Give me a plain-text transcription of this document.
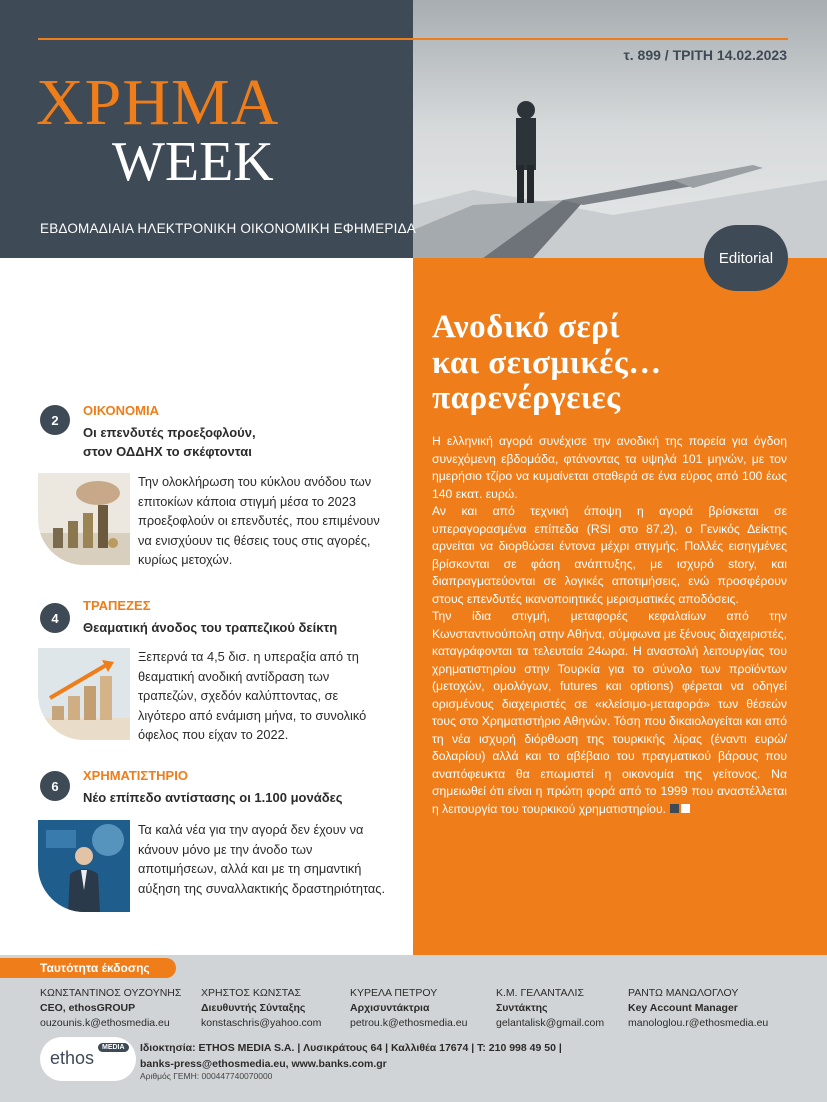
ΧΡΗΜΑ
WEEK
ΕΒΔΟΜΑΔΙΑΙΑ ΗΛΕΚΤΡΟΝΙΚΗ ΟΙΚΟΝΟΜΙΚΗ ΕΦΗΜΕΡΙΔΑ
τ. 899 / ΤΡΙΤΗ 14.02.2023
Editorial
Ανοδικό σερί
και σεισμικές…
παρενέργειες

Η ελληνική αγορά συνέχισε την ανοδική της πορεία για όγδοη συνεχόμενη εβδομάδα, φτάνοντας τα υψηλά 101 μηνών, με τον ημερήσιο τζίρο να κυμαίνεται σταθερά σε ένα εύρος από 100 έως 140 εκατ. ευρώ.

Αν και από τεχνική άποψη η αγορά βρίσκεται σε υπεραγορασμένα επίπεδα (RSI στο 87,2), ο Γενικός Δείκτης αρνείται να διορθώσει έντονα μέχρι στιγμής. Πολλές εισηγμένες βρίσκονται σε φάση ανάπτυξης, με ισχυρό story, και διαπραγματεύονται σε λογικές αποτιμήσεις, ενώ προσφέρουν στους επενδυτές ικανοποιητικές μερισματικές αποδόσεις.

Την ίδια στιγμή, μεταφορές κεφαλαίων από την Κωνσταντινούπολη στην Αθήνα, σύμφωνα με ξένους διαχειριστές, καταγράφονται τα τελευταία 24ωρα. Η αναστολή λειτουργίας του χρηματιστηρίου στην Τουρκία για το σύνολο των προϊόντων (μετοχών, ομολόγων, futures και options) φέρεται να οδηγεί ορισμένους διαχειριστές σε «κλείσιμο-μεταφορά» των θέσεών τους στο Χρηματιστήριο Αθηνών. Τόση που δικαιολογείται και από τη νέα ισχυρή διόρθωση της τουρκικής λίρας (έναντι ευρώ/δολαρίου) αλλά και το αβέβαιο του πραγματικού βάρους που αναπόφευκτα θα επωμιστεί η οικονομία της γείτονος. Να σημειωθεί ότι είναι η πρώτη φορά από το 1999 που αναστέλλεται η λειτουργία του τουρκικού χρηματιστηρίου.

2
ΟΙΚΟΝΟΜΙΑ
Οι επενδυτές προεξοφλούν,
στον ΟΔΔΗΧ το σκέφτονται
Την ολοκλήρωση του κύκλου ανόδου των επιτοκίων κάποια στιγμή μέσα το 2023 προεξοφλούν οι επενδυτές, που επιμένουν να ενισχύουν τις θέσεις τους στις αγορές, κυρίως μετοχών.
4
ΤΡΑΠΕΖΕΣ
Θεαματική άνοδος του τραπεζικού δείκτη
Ξεπερνά τα 4,5 δισ. η υπεραξία από τη θεαματική ανοδική αντίδραση των τραπεζών, σχεδόν καλύπτοντας, σε λιγότερο από ενάμιση μήνα, το συνολικό όφελος που είχαν το 2022.
6
ΧΡΗΜΑΤΙΣΤΗΡΙΟ
Νέο επίπεδο αντίστασης οι 1.100 μονάδες
Τα καλά νέα για την αγορά δεν έχουν να κάνουν μόνο με την άνοδο των αποτιμήσεων, αλλά και με τη σημαντική αύξηση της συναλλακτικής δραστηριότητας.
Ταυτότητα έκδοσης
ΚΩΝΣΤΑΝΤΙΝΟΣ ΟΥΖΟΥΝΗΣ
CEO, ethosGROUP
ouzounis.k@ethosmedia.eu
ΧΡΗΣΤΟΣ ΚΩΝΣΤΑΣ
Διευθυντής Σύνταξης
konstaschris@yahoo.com
ΚΥΡΕΛΑ ΠΕΤΡΟΥ
Αρχισυντάκτρια
petrou.k@ethosmedia.eu
Κ.Μ. ΓΕΛΑΝΤΑΛΙΣ
Συντάκτης
gelantalisk@gmail.com
ΡΑΝΤΩ ΜΑΝΩΛΟΓΛΟΥ
Key Account Manager
manologlou.r@ethosmedia.eu
ethos
MEDIA	Ιδιοκτησία: ETHOS MEDIA S.A. | Λυσικράτους 64 | Καλλιθέα 17674 | Τ: 210 998 49 50 |
banks-press@ethosmedia.eu, www.banks.com.gr
Αριθμός ΓΕΜΗ: 000447740070000
